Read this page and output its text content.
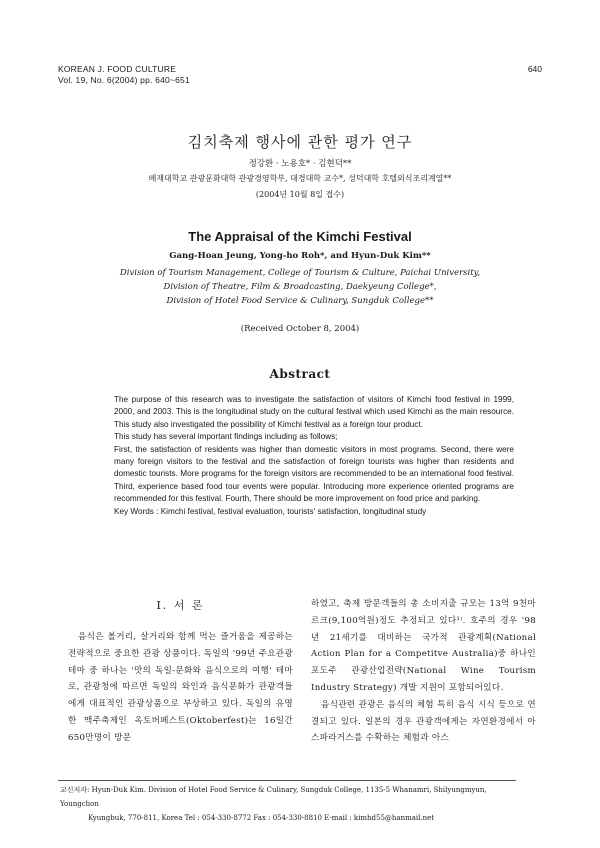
KOREAN J. FOOD CULTURE
Vol. 19, No. 6(2004) pp. 640~651
640
김치축제 행사에 관한 평가 연구
정강환 · 노용호* · 김현덕**
배재대학교 관광문화대학 관광경영학부, 대경대학 교수*, 성덕대학 호텔외식조리계열**
(2004년 10월 8일 접수)
The Appraisal of the Kimchi Festival
Gang-Hoan Jeung, Yong-ho Roh*, and Hyun-Duk Kim**
Division of Tourism Management, College of Tourism & Culture, Paichai University,
Division of Theatre, Film & Broadcasting, Daekyeung College*,
Division of Hotel Food Service & Culinary, Sungduk College**
(Received October 8, 2004)
Abstract

The purpose of this research was to investigate the satisfaction of visitors of Kimchi food festival in 1999, 2000, and 2003. This is the longitudinal study on the cultural festival which used Kimchi as the main resource. This study also investigated the possibility of Kimchi festival as a foreign tour product.

This study has several important findings including as follows;

First, the satisfaction of residents was higher than domestic visitors in most programs. Second, there were many foreign visitors to the festival and the satisfaction of foreign tourists was higher than residents and domestic tourists. More programs for the foreign visitors are recommended to be an international food festival. Third, experience based food tour events were popular. Introducing more experience oriented programs are recommended for this festival. Fourth, There should be more improvement on food price and parking.

Key Words : Kimchi festival, festival evaluation, tourists' satisfaction, longitudinal study

I. 서 론

음식은 볼거리, 살거리와 함께 먹는 즐거움을 제공하는 전략적으로 중요한 관광 상품이다. 독일의 '99년 주요관광 테마 중 하나는 '맛의 독일-문화와 음식으로의 여행' 테마로, 관광청에 따르면 독일의 와인과 음식문화가 관광객들에게 대표적인 관광상품으로 부상하고 있다. 독일의 유명한 맥주축제인 옥토버페스트(Oktoberfest)는 16일간 650만명이 방문

하였고, 축제 방문객들의 총 소비지출 규모는 13억 9천마르크(9,100억원)정도 추정되고 있다¹⁾. 호주의 경우 '98년 21세기를 대비하는 국가적 관광계획(National Action Plan for a Competitve Australia)중 하나인 포도주 관광산업전략(National Wine Tourism Industry Strategy) 개발 지원이 포함되어있다.

음식관련 관광은 음식의 체험 특히 음식 시식 등으로 연결되고 있다. 일본의 경우 관광객에게는 자연환경에서 아스파라거스를 수확하는 체험과 아스

교신저자: Hyun-Duk Kim. Division of Hotel Food Service & Culinary, Sungduk College, 1135-5 Whanamri, Shilyungmyun, Youngchon
Kyungbuk, 770-811, Korea Tel : 054-330-8772 Fax : 054-330-8810 E-mail : kimhd55@hanmail.net
